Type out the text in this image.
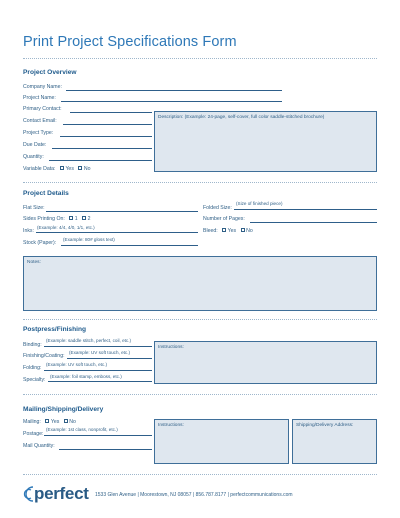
Print Project Specifications Form
Project Overview
Company Name:
Project Name:
Primary Contact:
Contact Email:
Project Type:
Due Date:
Quantity:
Variable Data: Yes No
Description: (Example: 24-page, self-cover, full color saddle-stitched brochure)
Project Details
Flat Size:	Folded Size:
(Size of finished piece)
Sides Printing On: 1 2	Number of Pages:
Inks:
(Example: 4/4, 4/0, 1/1, etc.)
Bleed: Yes No
Stock (Paper):
(Example: 80# gloss text)
Notes:
Postpress/Finishing
Binding:
(Example: saddle stitch, perfect, coil, etc.)
Finishing/Coating:
(Example: UV soft touch, etc.)
Folding:
(Example: UV soft touch, etc.)
Specialty:
(Example: foil stamp, emboss, etc.)
Instructions:
Mailing/Shipping/Delivery
Mailing: Yes No
Postage:
(Example: 1st class, nonprofit, etc.)
Mail Quantity:
Instructions:	Shipping/Delivery Address:
perfect 1533 Glen Avenue | Moorestown, NJ 08057 | 856.787.8177 | perfectcommunications.com
